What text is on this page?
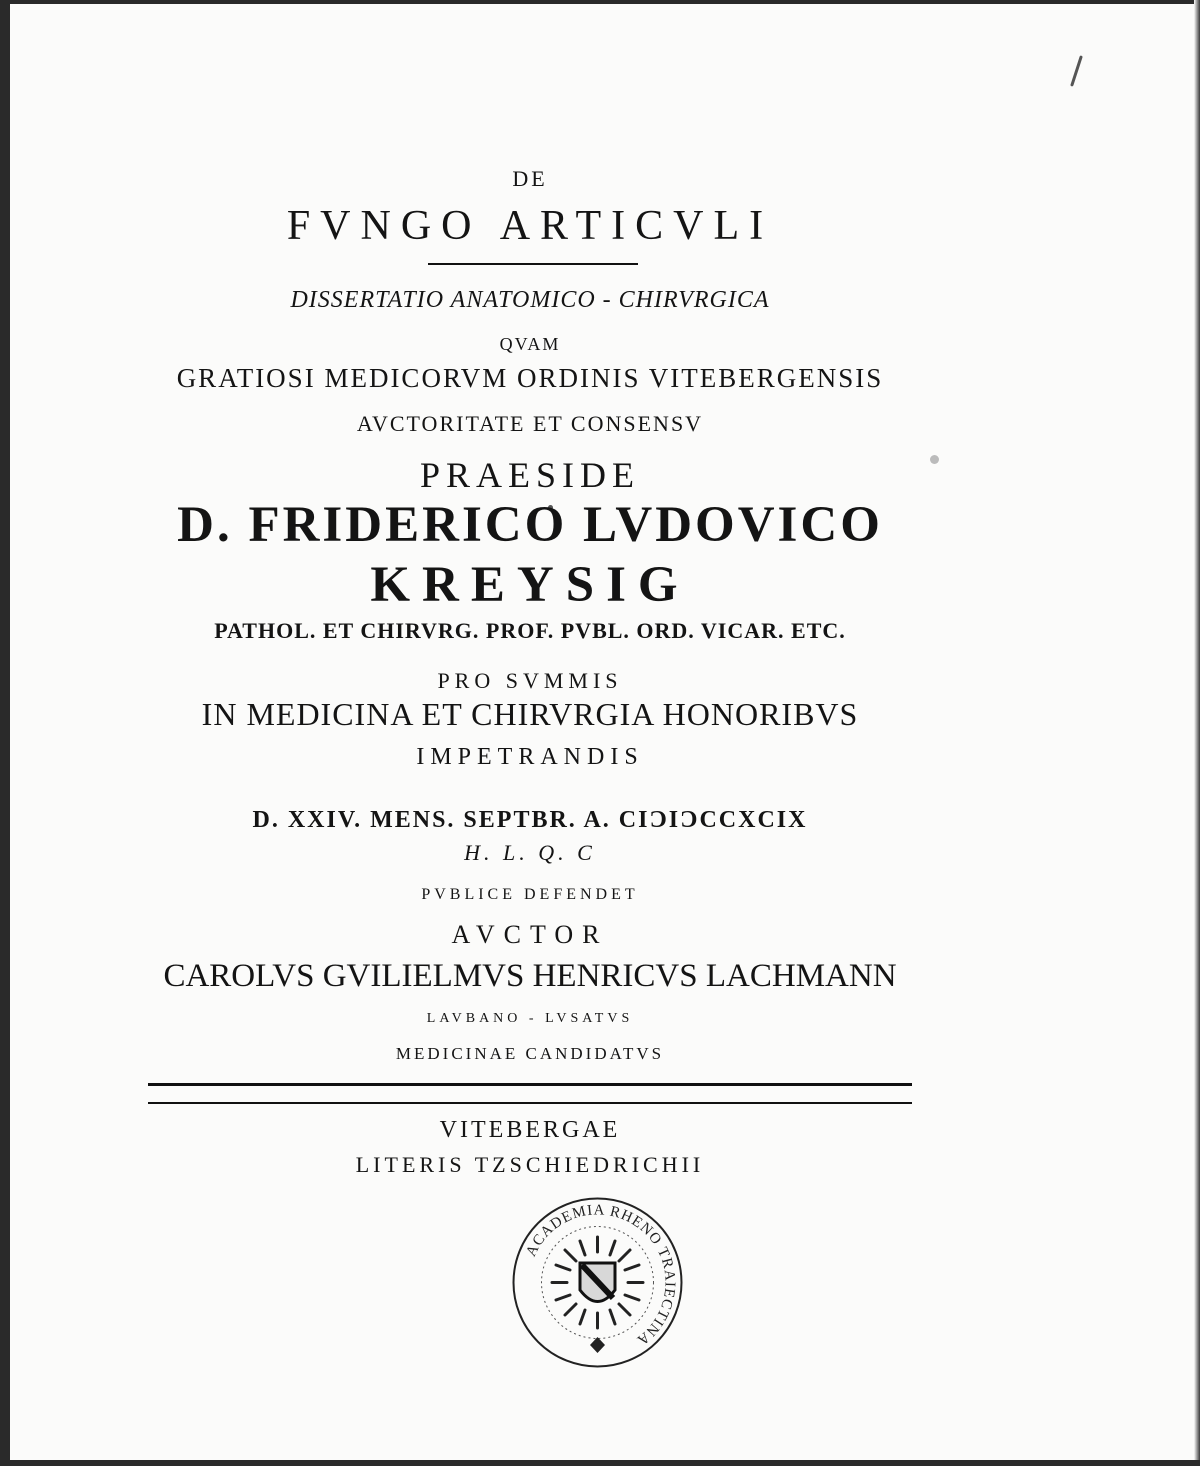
DE
FVNGO ARTICVLI
DISSERTATIO ANATOMICO - CHIRVRGICA
QVAM
GRATIOSI MEDICORVM ORDINIS VITEBERGENSIS
AVCTORITATE ET CONSENSV
PRAESIDE
D. FRIDERICO LVDOVICO
KREYSIG
PATHOL. ET CHIRVRG. PROF. PVBL. ORD. VICAR. ETC.
PRO SVMMIS
IN MEDICINA ET CHIRVRGIA HONORIBVS
IMPETRANDIS
D. XXIV. MENS. SEPTBR. A. CIƆIƆCCXCIX
H. L. Q. C
PVBLICE DEFENDET
AVCTOR
CAROLVS GVILIELMVS HENRICVS LACHMANN
LAVBANO - LVSATVS
MEDICINAE CANDIDATVS
VITEBERGAE
LITERIS TZSCHIEDRICHII
ACADEMIA RHENO TRAIECTINA
